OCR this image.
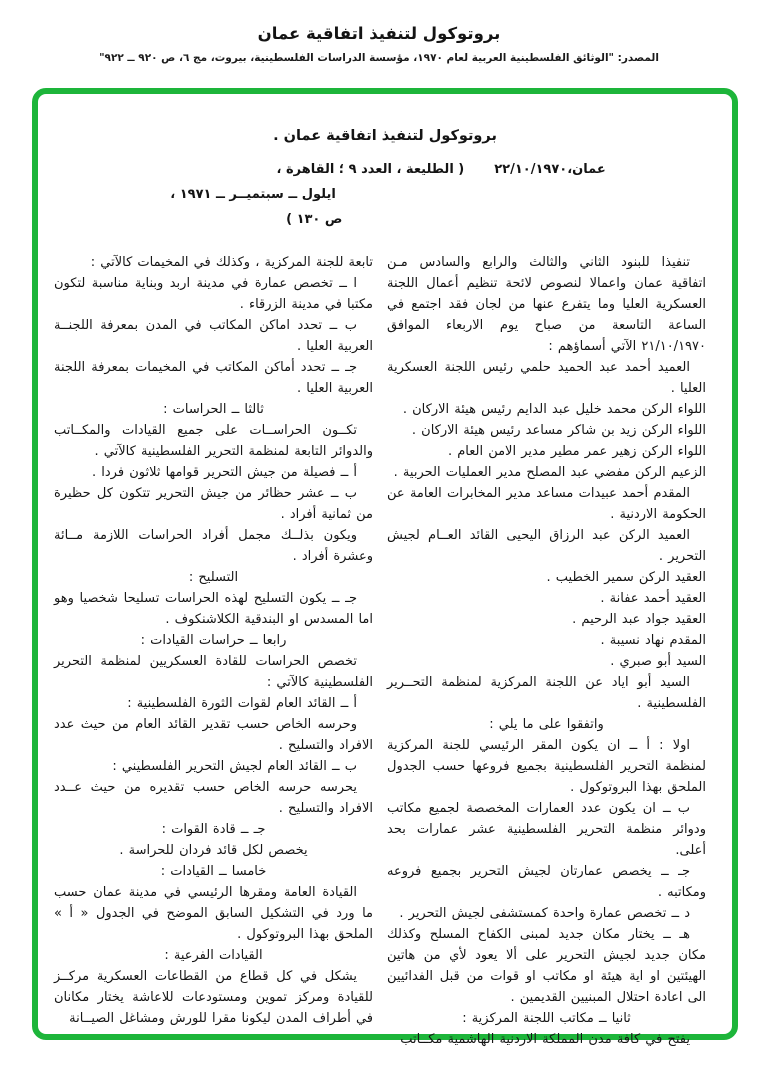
بروتوكول لتنفيذ اتفاقية عمان

المصدر: "الوثائق الفلسطينية العربية لعام ١٩٧٠، مؤسسة الدراسات الفلسطينية، بيروت، مج ٦، ص ٩٢٠ ــ ٩٢٢"

بروتوكول لتنفيذ اتفاقية عمان .
عمان،٢٢/١٠/١٩٧٠
( الطليعة ، العدد ٩ ؛ القاهرة ،
ايلول ــ سبتميــر ــ ١٩٧١ ،
ص ١٣٠ )

تنفيذا للبنود الثاني والثالث والرابع والسادس مـن اتفاقية عمان واعمالا لنصوص لائحة تنظيم أعمال اللجنة العسكرية العليا وما يتفرع عنها من لجان فقد اجتمع في الساعة التاسعة من صباح يوم الاربعاء الموافق ٢١/١٠/١٩٧٠ الآتي أسماؤهم :

العميد أحمد عبد الحميد حلمي رئيس اللجنة العسكرية العليا .

اللواء الركن محمد خليل عبد الدايم رئيس هيئة الاركان .

اللواء الركن زيد بن شاكر مساعد رئيس هيئة الاركان .

اللواء الركن زهير عمر مطير مدير الامن العام .

الزعيم الركن مفضي عبد المصلح مدير العمليات الحربية .

المقدم أحمد عبيدات مساعد مدير المخابرات العامة عن الحكومة الاردنية .

العميد الركن عبد الرزاق اليحيى القائد العــام لجيش التحرير .

العقيد الركن سمير الخطيب .

العقيد أحمد عفانة .

العقيد جواد عبد الرحيم .

المقدم نهاد نسيبة .

السيد أبو صبري .

السيد أبو اياد عن اللجنة المركزية لمنظمة التحــرير الفلسطينية .

واتفقوا على ما يلي :

اولا : أ ــ ان يكون المقر الرئيسي للجنة المركزية لمنظمة التحرير الفلسطينية بجميع فروعها حسب الجدول الملحق بهذا البروتوكول .

ب ــ ان يكون عدد العمارات المخصصة لجميع مكاتب ودوائر منظمة التحرير الفلسطينية عشر عمارات بحد أعلى.

جـ ــ يخصص عمارتان لجيش التحرير بجميع فروعه ومكاتبه .

د ــ تخصص عمارة واحدة كمستشفى لجيش التحرير .

هـ ــ يختار مكان جديد لمبنى الكفاح المسلح وكذلك مكان جديد لجيش التحرير على ألا يعود لأي من هاتين الهيئتين او اية هيئة او مكاتب او قوات من قبل الفدائيين الى اعادة احتلال المبنيين القديمين .

ثانيا ــ مكاتب اللجنة المركزية :

يفتح في كافة مدن المملكة الاردنية الهاشمية مكــاتب

تابعة للجنة المركزية ، وكذلك في المخيمات كالآتي :

ا ــ تخصص عمارة في مدينة اربد وبناية مناسبة لتكون مكتبا في مدينة الزرقاء .

ب ــ تحدد اماكن المكاتب في المدن بمعرفة اللجنــة العربية العليا .

جـ ــ تحدد أماكن المكاتب في المخيمات بمعرفة اللجنة العربية العليا .

ثالثا ــ الحراسات :

تكــون الحراســات على جميع القيادات والمكــاتب والدوائر التابعة لمنظمة التحرير الفلسطينية كالآتي .

أ ــ فصيلة من جيش التحرير قوامها ثلاثون فردا .

ب ــ عشر حظائر من جيش التحرير تتكون كل حظيرة من ثمانية أفراد .

ويكون بذلــك مجمل أفراد الحراسات اللازمة مــائة وعشرة أفراد .

التسليح :

جـ ــ يكون التسليح لهذه الحراسات تسليحا شخصيا وهو اما المسدس او البندقية الكلاشنكوف .

رابعا ــ حراسات القيادات :

تخصص الحراسات للقادة العسكريين لمنظمة التحرير الفلسطينية كالآتي :

أ ــ القائد العام لقوات الثورة الفلسطينية :

وحرسه الخاص حسب تقدير القائد العام من حيث عدد الافراد والتسليح .

ب ــ القائد العام لجيش التحرير الفلسطيني :

يحرسه حرسه الخاص حسب تقديره من حيث عــدد الافراد والتسليح .

جـ ــ قادة القوات :

يخصص لكل قائد فردان للحراسة .

خامسا ــ القيادات :

القيادة العامة ومقرها الرئيسي في مدينة عمان حسب ما ورد في التشكيل السابق الموضح في الجدول « أ » الملحق بهذا البروتوكول .

القيادات الفرعية :

يشكل في كل قطاع من القطاعات العسكرية مركــز للقيادة ومركز تموين ومستودعات للاعاشة يختار مكانان في أطراف المدن ليكونا مقرا للورش ومشاغل الصيــانة
